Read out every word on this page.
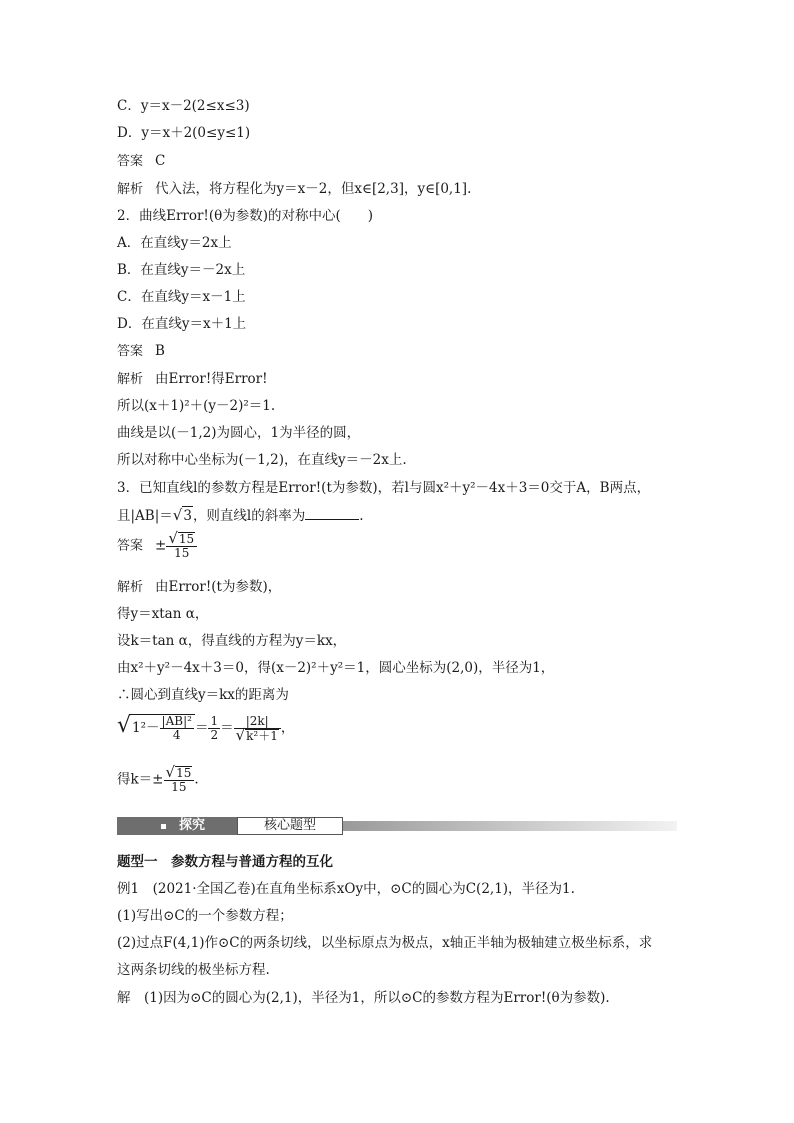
C．y＝x－2(2≤x≤3)
D．y＝x＋2(0≤y≤1)
答案 C
解析 代入法，将方程化为y＝x－2，但x∈[2,3]，y∈[0,1].
2．曲线Error!(θ为参数)的对称中心(　　)
A．在直线y＝2x上
B．在直线y＝－2x上
C．在直线y＝x－1上
D．在直线y＝x＋1上
答案 B
解析 由Error!得Error!
所以(x＋1)²＋(y－2)²＝1.
曲线是以(－1,2)为圆心，1为半径的圆，
所以对称中心坐标为(－1,2)，在直线y＝－2x上.
3．已知直线l的参数方程是Error!(t为参数)，若l与圆x²＋y²－4x＋3＝0交于A，B两点，
且|AB|＝√3，则直线l的斜率为	.
答案 ± $\frac{√15}{15}$
解析 由Error!(t为参数)，
得y＝xtan α，
设k＝tan α，得直线的方程为y＝kx，
由x²＋y²－4x＋3＝0，得(x－2)²＋y²＝1，圆心坐标为(2,0)，半径为1，
∴圆心到直线y＝kx的距离为
$√1^2- \frac{\text{|AB|²}}{4} = \frac{1}{2} = \frac{|2k|}{\text{√k²＋1}}$ ，
得$k=\pm \frac{√15}{15}$ .
探究	核心题型
题型一　参数方程与普通方程的互化
例1　(2021·全国乙卷)在直角坐标系xOy中，⊙C的圆心为C(2,1)，半径为1.
(1)写出⊙C的一个参数方程；
(2)过点F(4,1)作⊙C的两条切线，以坐标原点为极点，x轴正半轴为极轴建立极坐标系，求
这两条切线的极坐标方程.
解　(1)因为⊙C的圆心为(2,1)，半径为1，所以⊙C的参数方程为Error!(θ为参数).
